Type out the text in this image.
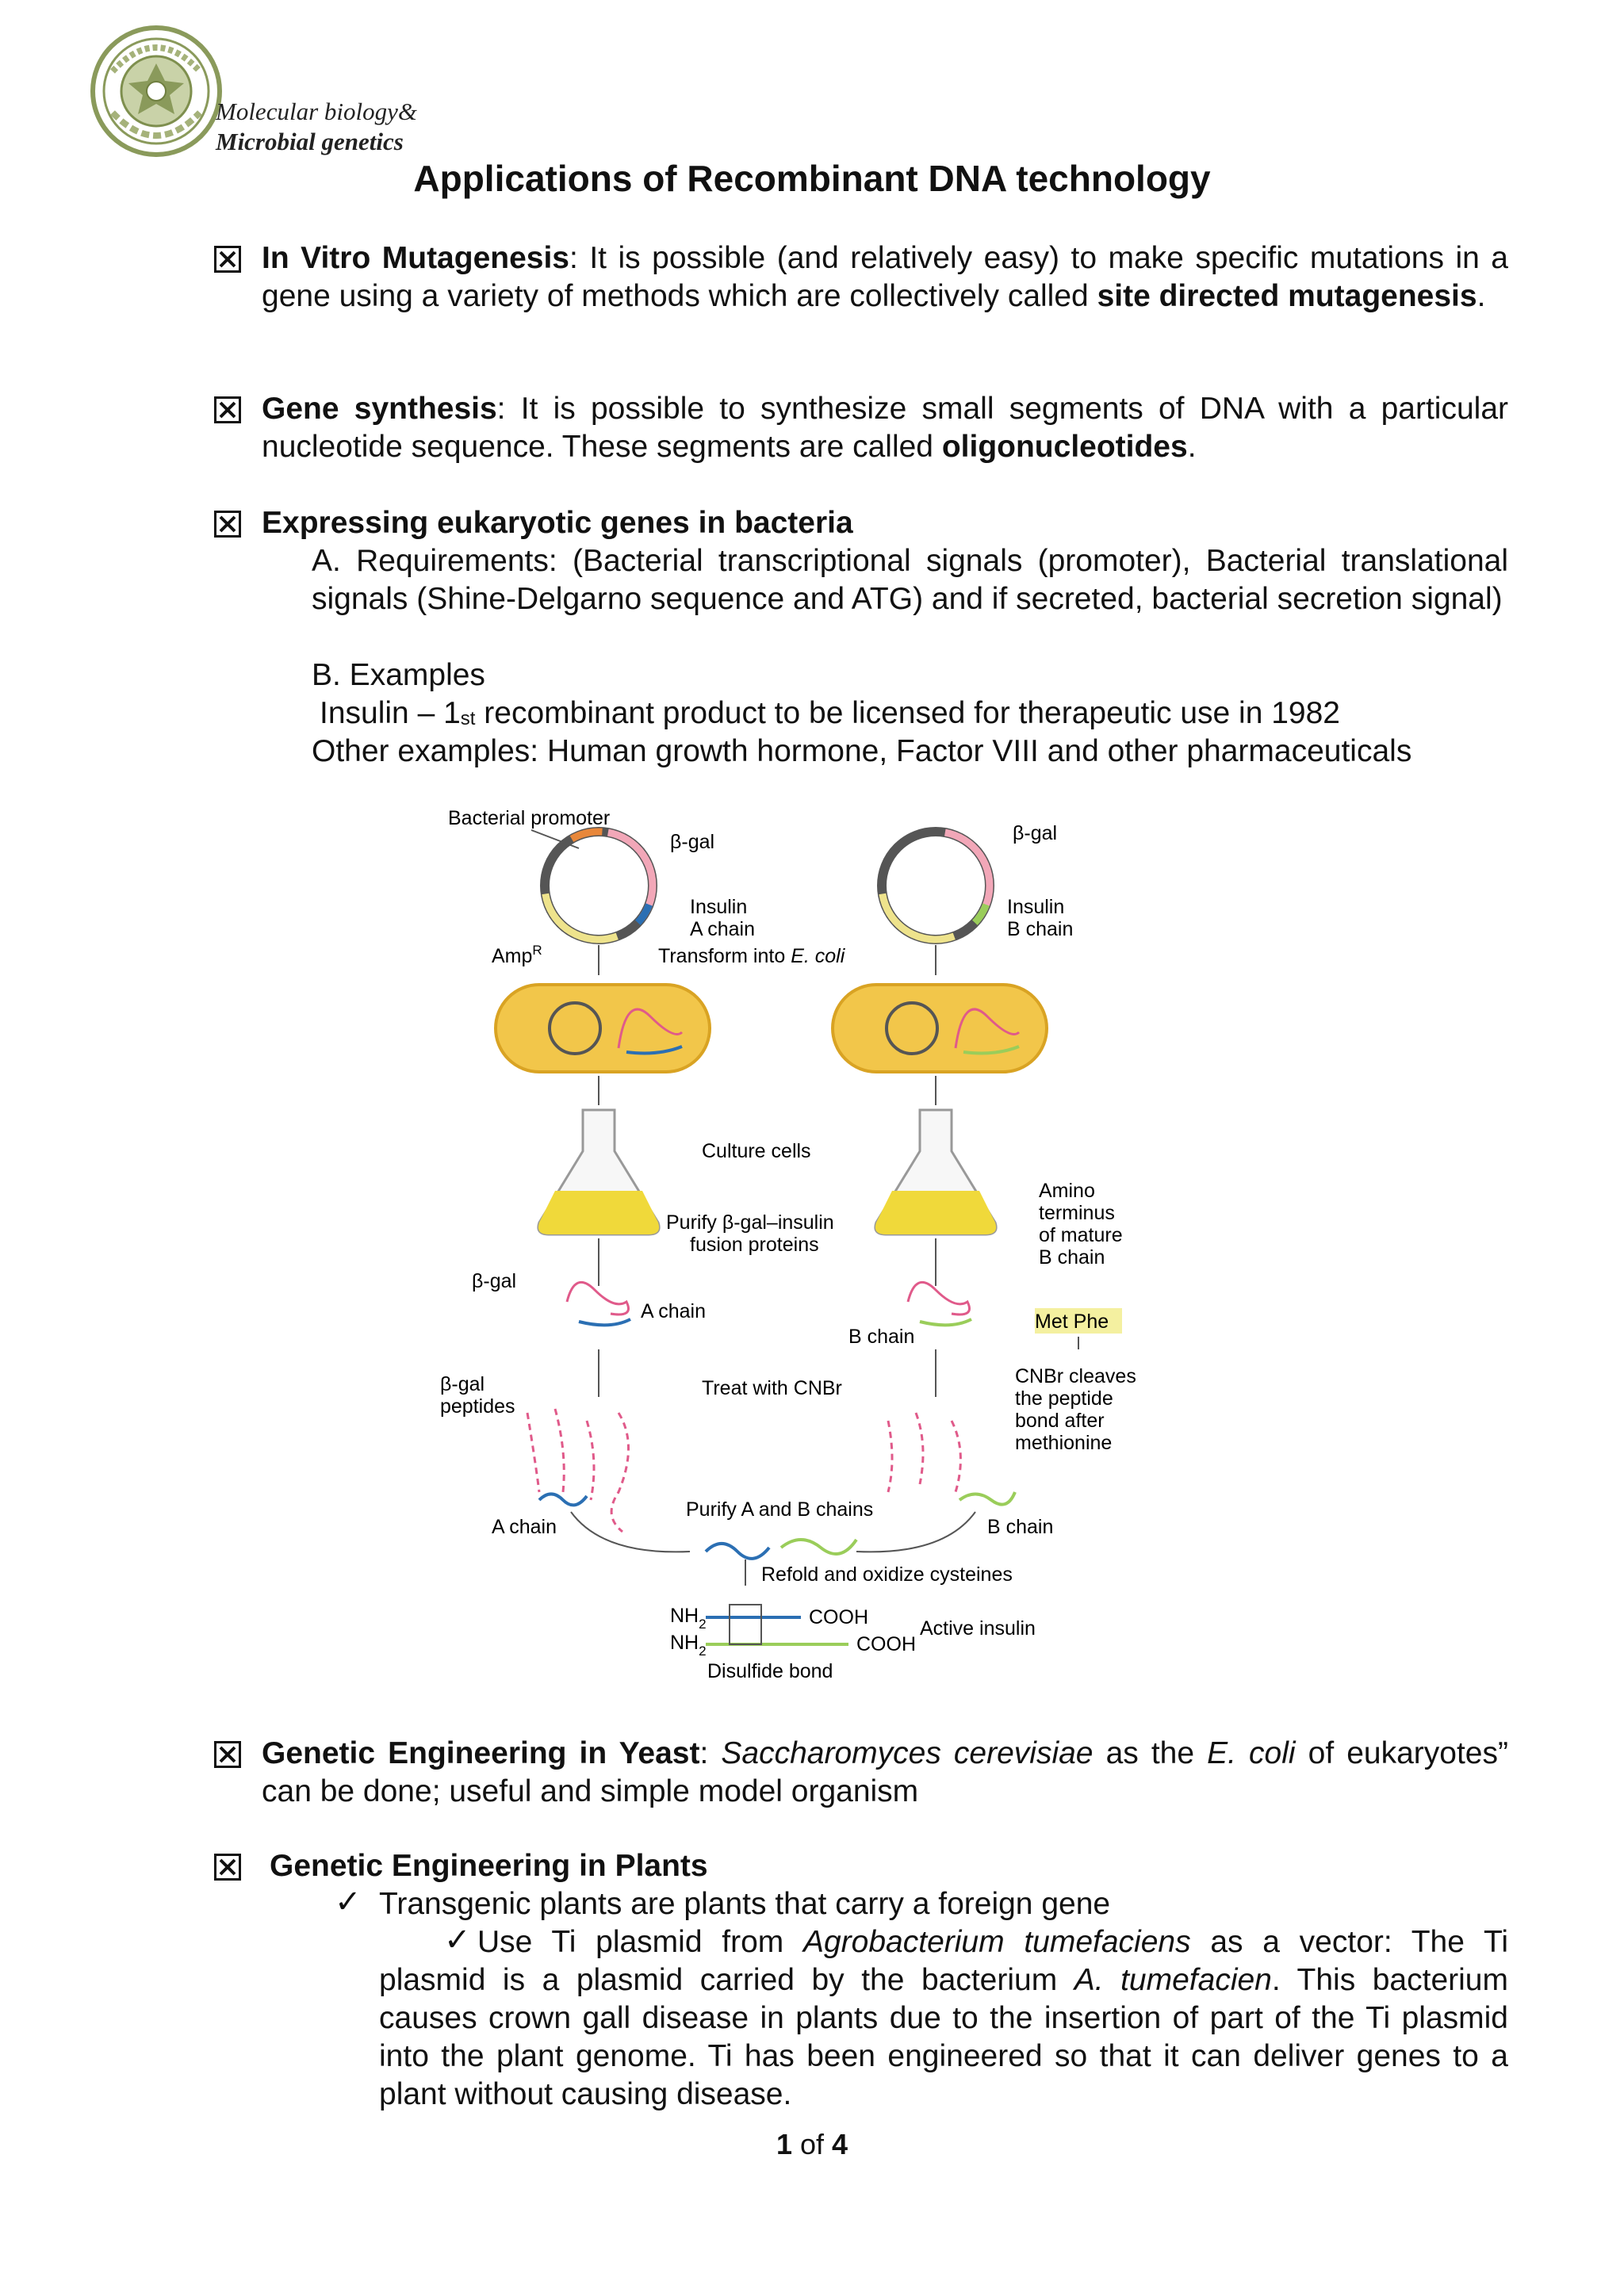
Molecular biology&
Microbial genetics
Applications of Recombinant DNA technology
In Vitro Mutagenesis: It is possible (and relatively easy) to make specific mutations in a gene using a variety of methods which are collectively called site directed mutagenesis.
Gene synthesis: It is possible to synthesize small segments of DNA with a particular nucleotide sequence. These segments are called oligonucleotides.
Expressing eukaryotic genes in bacteria
A. Requirements: (Bacterial transcriptional signals (promoter), Bacterial translational signals (Shine-Delgarno sequence and ATG) and if secreted, bacterial secretion signal)
B. Examples
Insulin – 1st recombinant product to be licensed for therapeutic use in 1982
Other examples: Human growth hormone, Factor VIII and other pharmaceuticals
Bacterial promoter
β-gal	β-gal
Insulin
A chain
Insulin
B chain
Amp$^R$	Transform into E. coli
Culture cells
Purify β-gal–insulin
fusion proteins
Amino
terminus
of mature
B chain
β-gal
A chain
B chain
Met Phe
Treat with CNBr
CNBr cleaves
the peptide
bond after
methionine
β-gal
peptides
A chain	B chain
Purify A and B chains
Refold and oxidize cysteines
$NH_2$
$NH_2$
COOH
COOH
Active insulin
Disulfide bond
Genetic Engineering in Yeast: Saccharomyces cerevisiae as the E. coli of eukaryotes” can be done; useful and simple model organism
Genetic Engineering in Plants
✓ Transgenic plants are plants that carry a foreign gene
Use Ti plasmid from Agrobacterium tumefaciens as a vector: The Ti plasmid is a plasmid carried by the bacterium A. tumefacien. This bacterium causes crown gall disease in plants due to the insertion of part of the Ti plasmid into the plant genome. Ti has been engineered so that it can deliver genes to a plant without causing disease.
✓
1 of 4
